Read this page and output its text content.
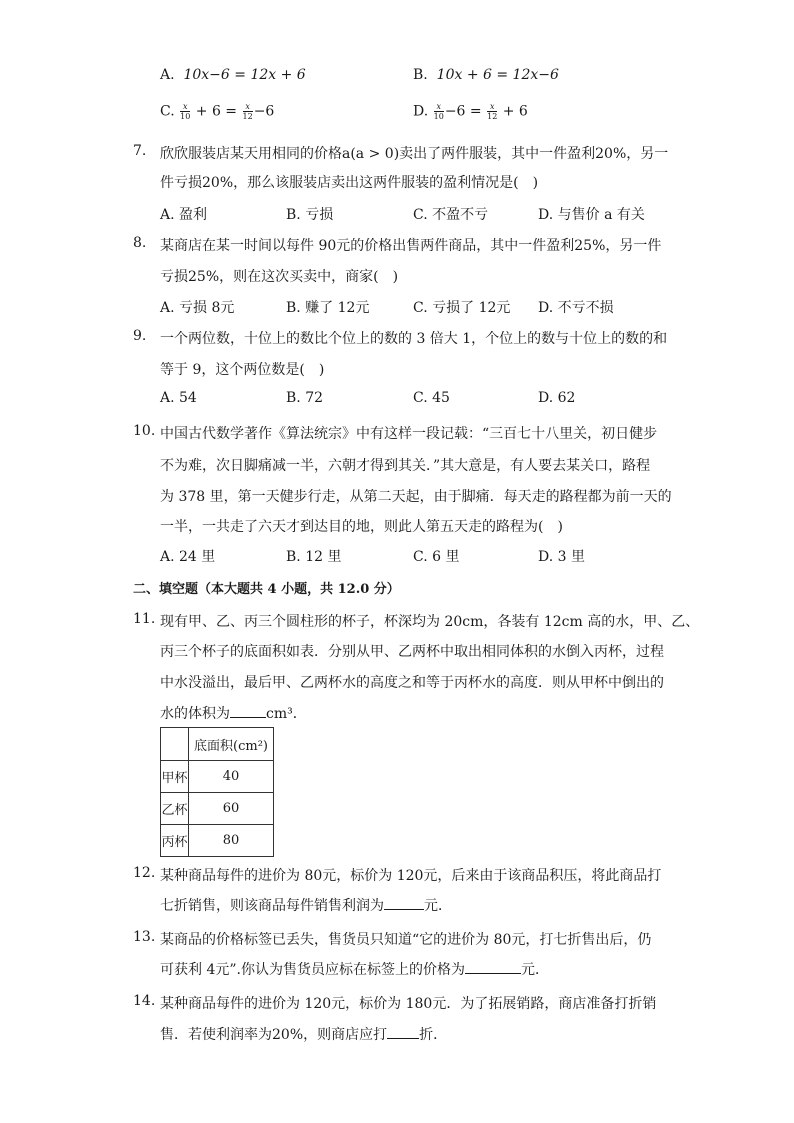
A. 10x−6 = 12x + 6	B. 10x + 6 = 12x−6
C. $\frac{x}{10} + 6 = \frac{x}{12} -6$	D. $\frac{x}{10} -6 = \frac{x}{12} + 6$
7. 欣欣服装店某天用相同的价格a(a > 0)卖出了两件服装，其中一件盈利20%，另一
件亏损20%，那么该服装店卖出这两件服装的盈利情况是(　)
A. 盈利	B. 亏损	C. 不盈不亏	D. 与售价 a 有关
8. 某商店在某一时间以每件 90元的价格出售两件商品，其中一件盈利25%，另一件
亏损25%，则在这次买卖中，商家(　)
A. 亏损 8元	B. 赚了 12元	C. 亏损了 12元 D. 不亏不损
9. 一个两位数，十位上的数比个位上的数的 3 倍大 1，个位上的数与十位上的数的和
等于 9，这个两位数是(　)
A. 54	B. 72	C. 45	D. 62
10. 中国古代数学著作《算法统宗》中有这样一段记载：“三百七十八里关，初日健步
不为难，次日脚痛减一半，六朝才得到其关．”其大意是，有人要去某关口，路程
为 378 里，第一天健步行走，从第二天起，由于脚痛．每天走的路程都为前一天的
一半，一共走了六天才到达目的地，则此人第五天走的路程为(　)
A. 24 里	B. 12 里	C. 6 里	D. 3 里
二、填空题（本大题共 4 小题，共 12.0 分）
11. 现有甲、乙、丙三个圆柱形的杯子，杯深均为 20cm，各装有 12cm 高的水，甲、乙、
丙三个杯子的底面积如表．分别从甲、乙两杯中取出相同体积的水倒入丙杯，过程
中水没溢出，最后甲、乙两杯水的高度之和等于丙杯水的高度．则从甲杯中倒出的
水的体积为	cm³．
	底面积(cm²)
甲杯	40
乙杯	60
丙杯	80
12. 某种商品每件的进价为 80元，标价为 120元，后来由于该商品积压，将此商品打
七折销售，则该商品每件销售利润为	元．
13. 某商品的价格标签已丢失，售货员只知道“它的进价为 80元，打七折售出后，仍
可获利 4元”.你认为售货员应标在标签上的价格为	元．
14. 某种商品每件的进价为 120元，标价为 180元．为了拓展销路，商店准备打折销
售．若使利润率为20%，则商店应打 折．
